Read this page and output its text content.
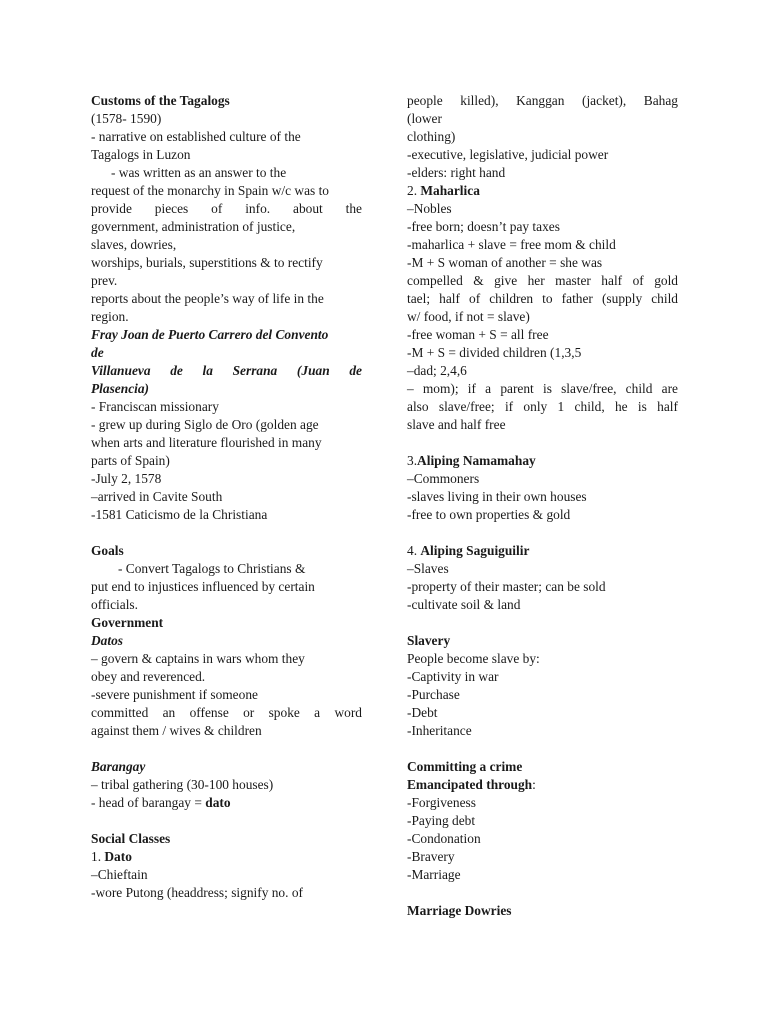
Customs of the Tagalogs
(1578- 1590)
- narrative on established culture of the
Tagalogs in Luzon
- was written as an answer to the
request of the monarchy in Spain w/c was to
provide pieces of info. about the
government, administration of justice,
slaves, dowries,
worships, burials, superstitions & to rectify
prev.
reports about the people’s way of life in the
region.
Fray Joan de Puerto Carrero del Convento
de
Villanueva de la Serrana (Juan de
Plasencia)
- Franciscan missionary
- grew up during Siglo de Oro (golden age
when arts and literature flourished in many
parts of Spain)
-July 2, 1578
–arrived in Cavite South
-1581 Caticismo de la Christiana
Goals
- Convert Tagalogs to Christians &
put end to injustices influenced by certain
officials.
Government
Datos
– govern & captains in wars whom they
obey and reverenced.
-severe punishment if someone
committed an offense or spoke a word
against them / wives & children
Barangay
– tribal gathering (30-100 houses)
- head of barangay = dato
Social Classes
1. Dato
–Chieftain
-wore Putong (headdress; signify no. of
people killed), Kanggan (jacket), Bahag
(lower
clothing)
-executive, legislative, judicial power
-elders: right hand
2. Maharlica
–Nobles
-free born; doesn’t pay taxes
-maharlica + slave = free mom & child
-M + S woman of another = she was
compelled & give her master half of gold
tael; half of children to father (supply child
w/ food, if not = slave)
-free woman + S = all free
-M + S = divided children (1,3,5
–dad; 2,4,6
– mom); if a parent is slave/free, child are
also slave/free; if only 1 child, he is half
slave and half free
3.Aliping Namamahay
–Commoners
-slaves living in their own houses
-free to own properties & gold
4. Aliping Saguiguilir
–Slaves
-property of their master; can be sold
-cultivate soil & land
Slavery
People become slave by:
-Captivity in war
-Purchase
-Debt
-Inheritance
Committing a crime
Emancipated through:
-Forgiveness
-Paying debt
-Condonation
-Bravery
-Marriage
Marriage Dowries
